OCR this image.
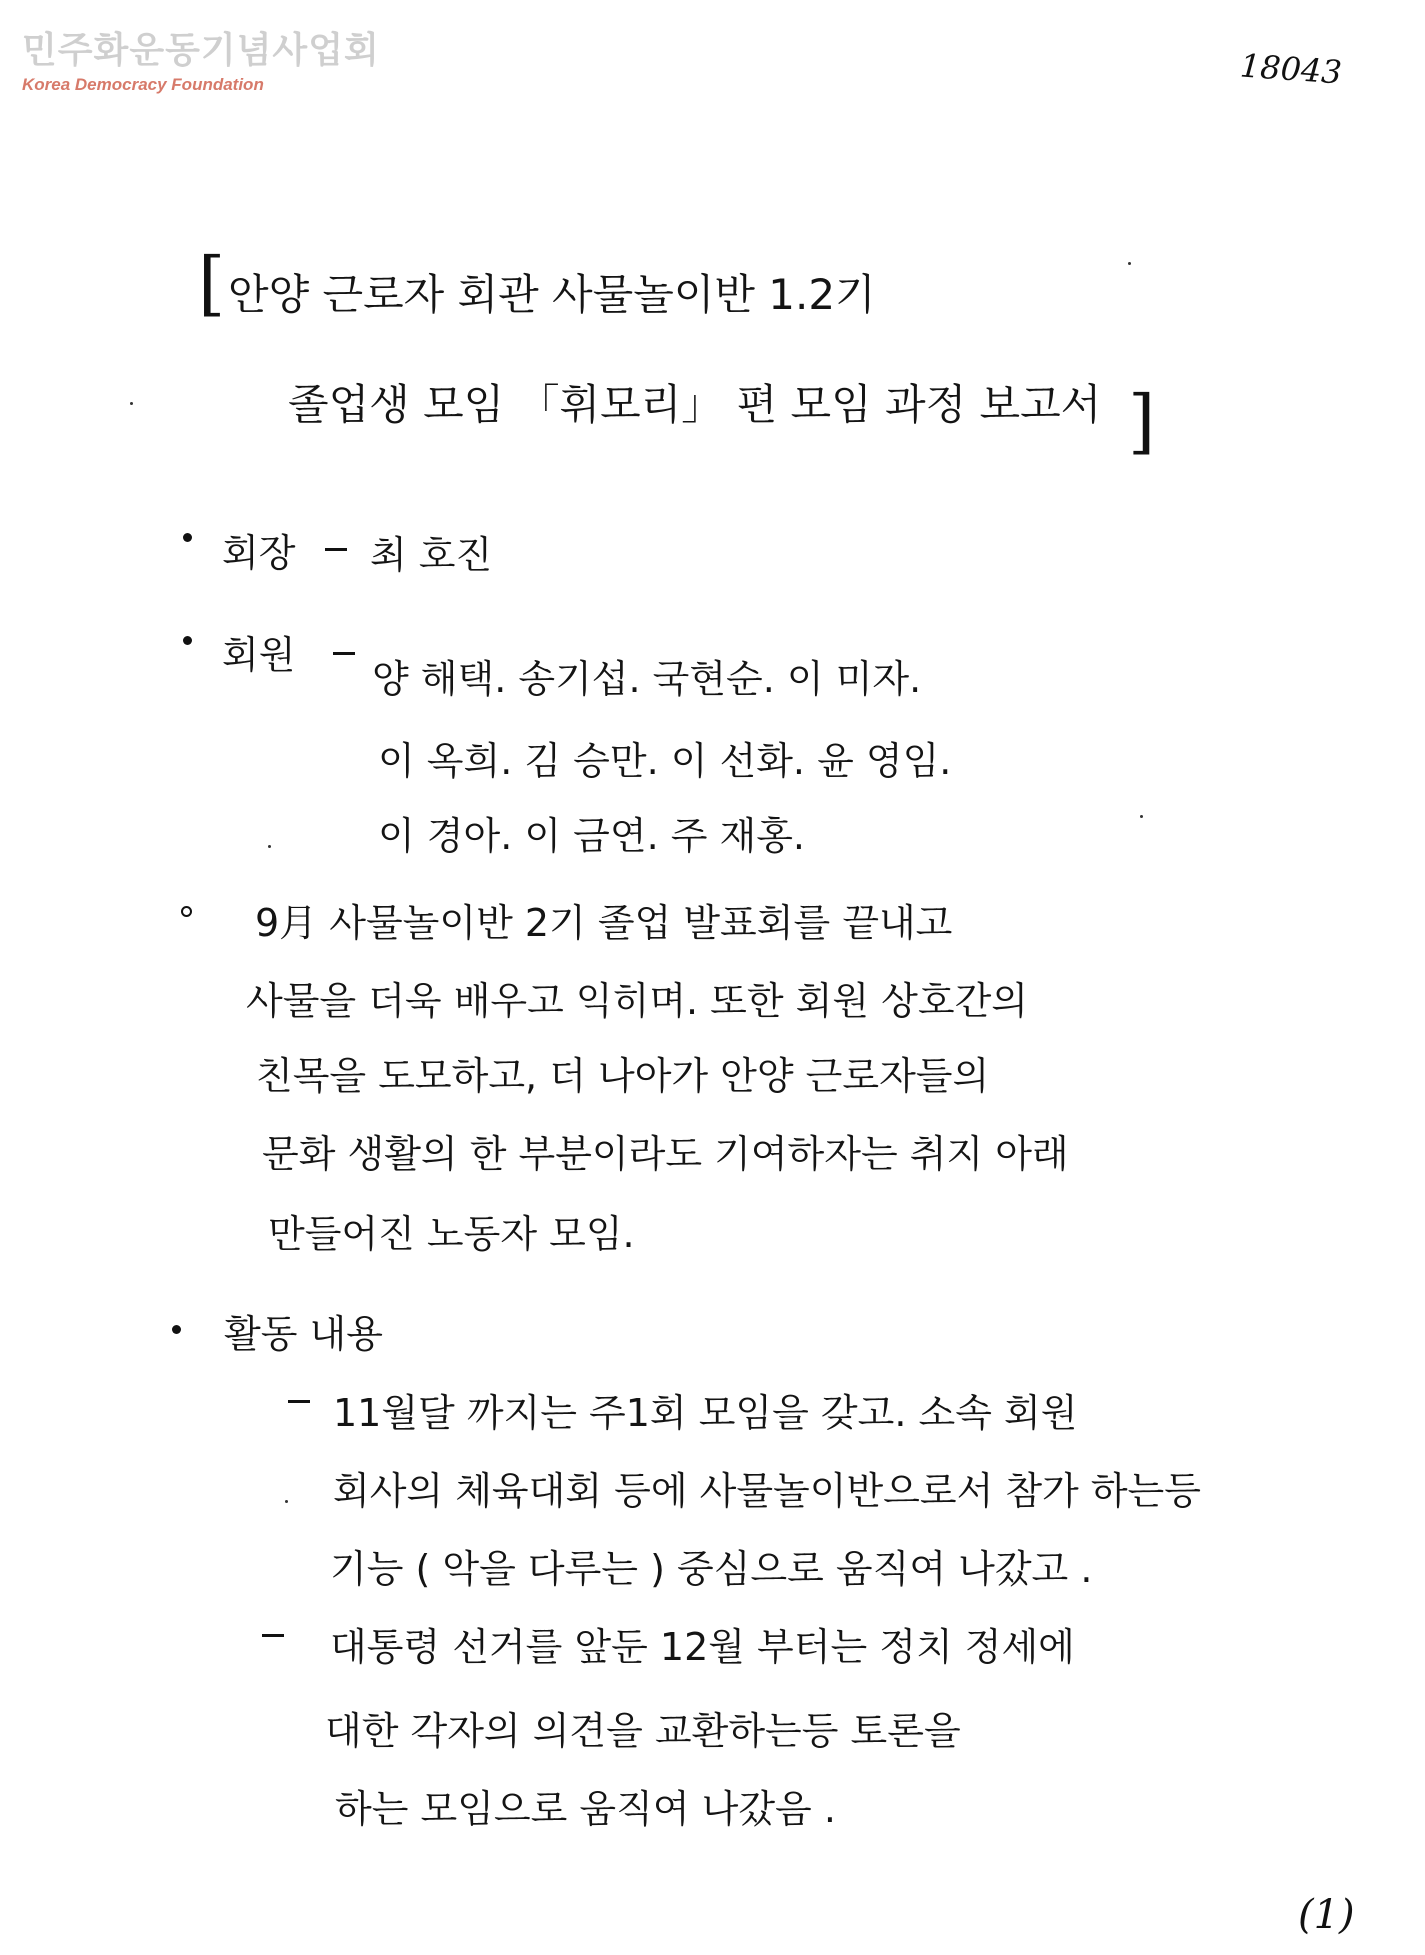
민주화운동기념사업회
Korea Democracy Foundation	18043
[ 안양 근로자 회관 사물놀이반 1.2기
졸업생 모임 「휘모리」 편 모임 과정 보고서 ]
회장 최 호진
회원
양 해택. 송기섭. 국현순. 이 미자.
이 옥희. 김 승만. 이 선화. 윤 영임.
이 경아. 이 금연. 주 재홍.
9月 사물놀이반 2기 졸업 발표회를 끝내고
사물을 더욱 배우고 익히며. 또한 회원 상호간의
친목을 도모하고, 더 나아가 안양 근로자들의
문화 생활의 한 부분이라도 기여하자는 취지 아래
만들어진 노동자 모임.
활동 내용
11월달 까지는 주1회 모임을 갖고. 소속 회원
회사의 체육대회 등에 사물놀이반으로서 참가 하는등
기능 ( 악을 다루는 ) 중심으로 움직여 나갔고 .
대통령 선거를 앞둔 12월 부터는 정치 정세에
대한 각자의 의견을 교환하는등 토론을
하는 모임으로 움직여 나갔음 .
(1)
